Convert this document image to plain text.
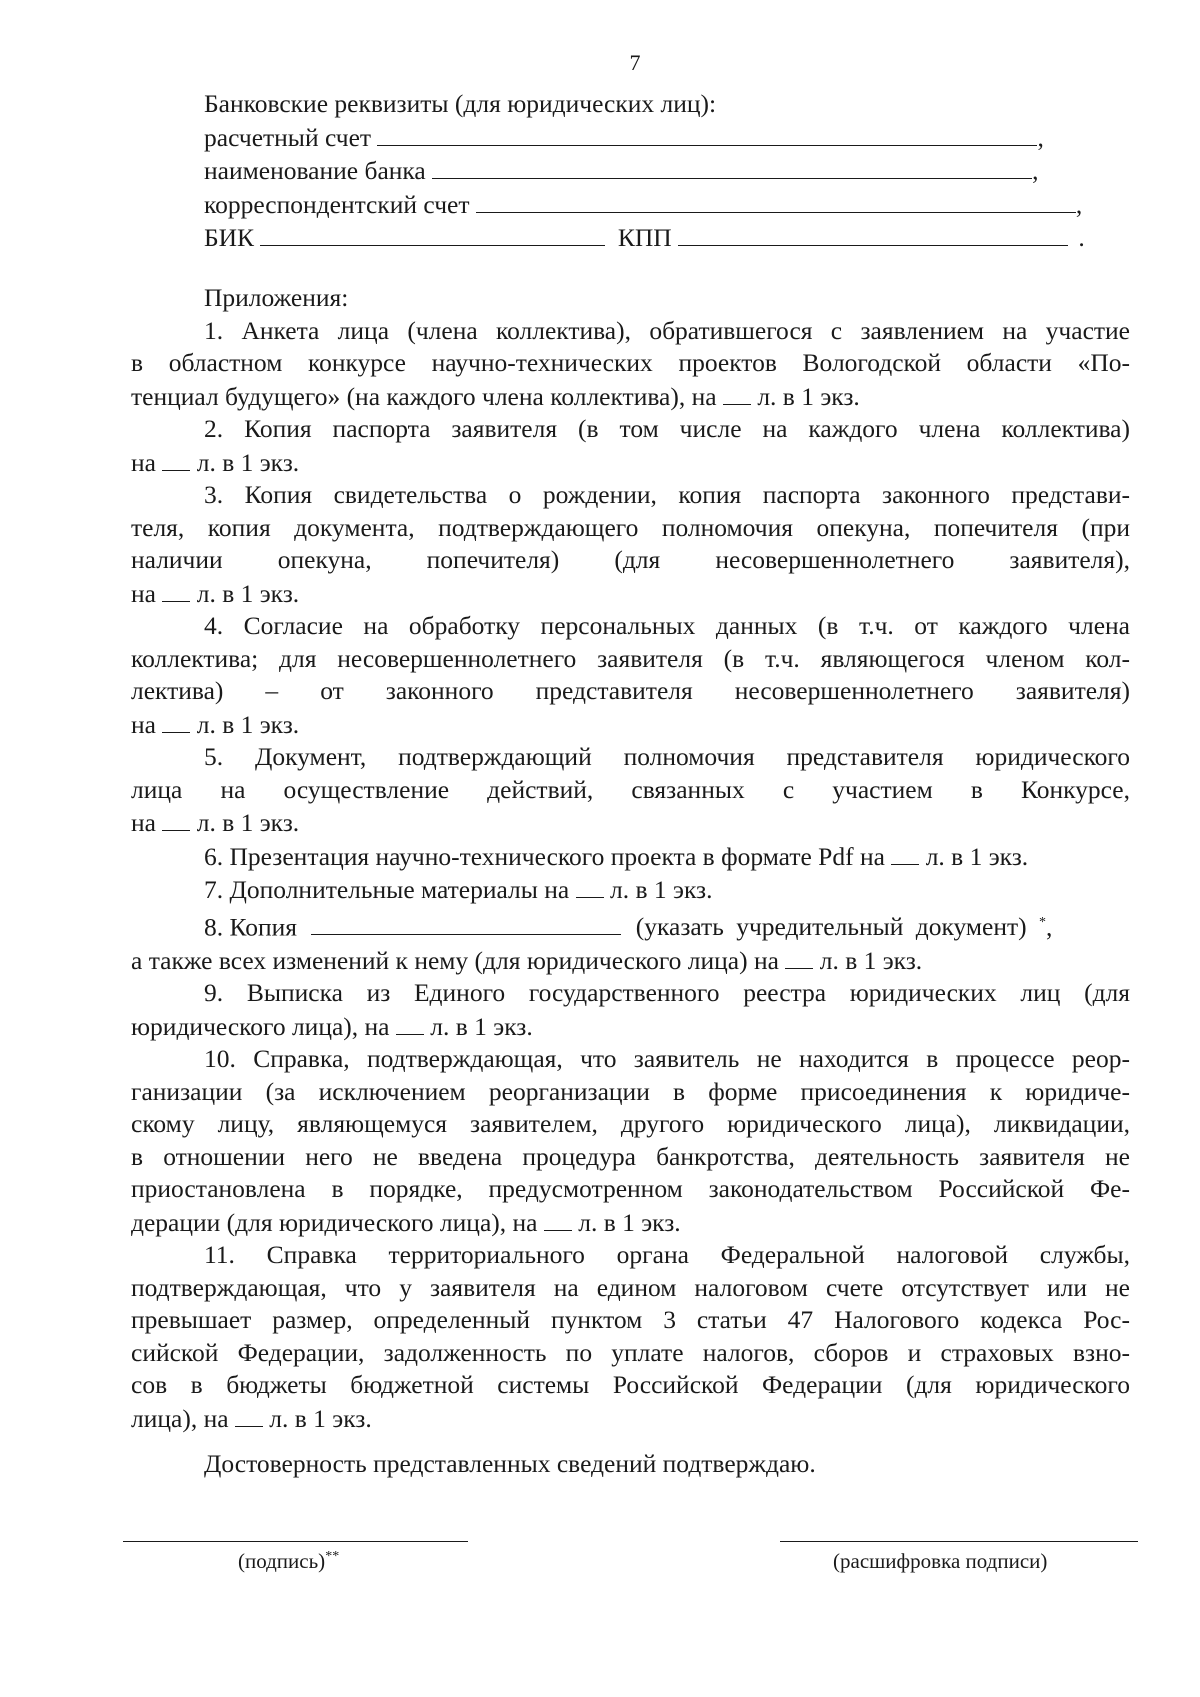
7
Банковские реквизиты (для юридических лиц):
расчетный счет	,
наименование банка	,
корреспондентский счет	,
БИК	КПП	.
Приложения:
1. Анкета лица (члена коллектива), обратившегося с заявлением на участие
в областном конкурсе научно-технических проектов Вологодской области «По-
тенциал будущего» (на каждого члена коллектива), на л. в 1 экз.
2. Копия паспорта заявителя (в том числе на каждого члена коллектива)
на л. в 1 экз.
3. Копия свидетельства о рождении, копия паспорта законного представи-
теля, копия документа, подтверждающего полномочия опекуна, попечителя (при
наличии опекуна, попечителя) (для несовершеннолетнего заявителя),
на л. в 1 экз.
4. Согласие на обработку персональных данных (в т.ч. от каждого члена
коллектива; для несовершеннолетнего заявителя (в т.ч. являющегося членом кол-
лектива) – от законного представителя несовершеннолетнего заявителя)
на л. в 1 экз.
5. Документ, подтверждающий полномочия представителя юридического
лица на осуществление действий, связанных с участием в Конкурсе,
на л. в 1 экз.
6. Презентация научно-технического проекта в формате Pdf на л. в 1 экз.
7. Дополнительные материалы на л. в 1 экз.
8. Копия	(указать учредительный документ) *,
а также всех изменений к нему (для юридического лица) на л. в 1 экз.
9. Выписка из Единого государственного реестра юридических лиц (для
юридического лица), на л. в 1 экз.
10. Справка, подтверждающая, что заявитель не находится в процессе реор-
ганизации (за исключением реорганизации в форме присоединения к юридиче-
скому лицу, являющемуся заявителем, другого юридического лица), ликвидации,
в отношении него не введена процедура банкротства, деятельность заявителя не
приостановлена в порядке, предусмотренном законодательством Российской Фе-
дерации (для юридического лица), на л. в 1 экз.
11. Справка территориального органа Федеральной налоговой службы,
подтверждающая, что у заявителя на едином налоговом счете отсутствует или не
превышает размер, определенный пунктом 3 статьи 47 Налогового кодекса Рос-
сийской Федерации, задолженность по уплате налогов, сборов и страховых взно-
сов в бюджеты бюджетной системы Российской Федерации (для юридического
лица), на л. в 1 экз.
Достоверность представленных сведений подтверждаю.
(подпись)**	(расшифровка подписи)
